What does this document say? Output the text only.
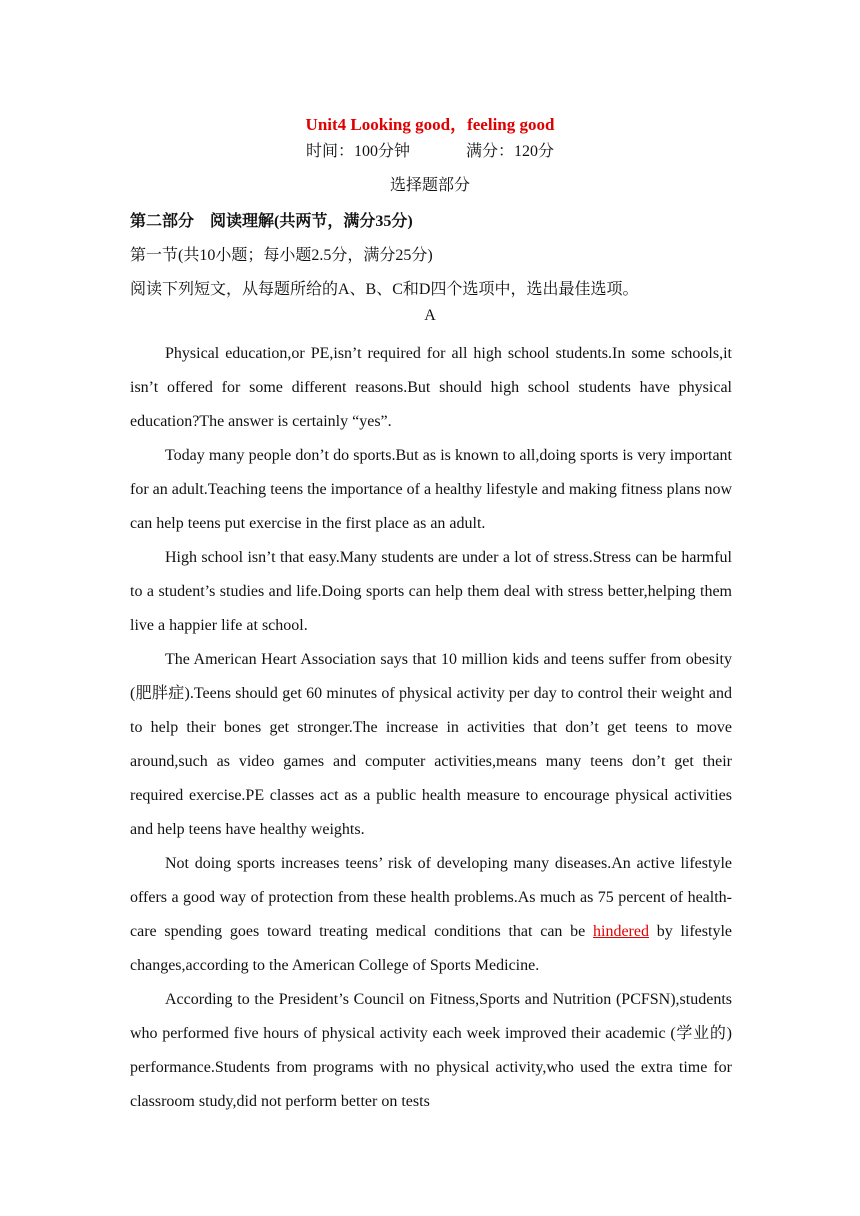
Unit4 Looking good，feeling good
时间：100分钟	满分：120分
选择题部分
第二部分　阅读理解(共两节，满分35分)
第一节(共10小题；每小题2.5分，满分25分)
阅读下列短文，从每题所给的A、B、C和D四个选项中，选出最佳选项。
A

Physical education,or PE,isn’t required for all high school students.In some schools,it isn’t offered for some different reasons.But should high school students have physical education?The answer is certainly “yes”.

Today many people don’t do sports.But as is known to all,doing sports is very important for an adult.Teaching teens the importance of a healthy lifestyle and making fitness plans now can help teens put exercise in the first place as an adult.

High school isn’t that easy.Many students are under a lot of stress.Stress can be harmful to a student’s studies and life.Doing sports can help them deal with stress better,helping them live a happier life at school.

The American Heart Association says that 10 million kids and teens suffer from obesity (肥胖症).Teens should get 60 minutes of physical activity per day to control their weight and to help their bones get stronger.The increase in activities that don’t get teens to move around,such as video games and computer activities,means many teens don’t get their required exercise.PE classes act as a public health measure to encourage physical activities and help teens have healthy weights.

Not doing sports increases teens’ risk of developing many diseases.An active lifestyle offers a good way of protection from these health problems.As much as 75 percent of health-care spending goes toward treating medical conditions that can be hindered by lifestyle changes,according to the American College of Sports Medicine.

According to the President’s Council on Fitness,Sports and Nutrition (PCFSN),students who performed five hours of physical activity each week improved their academic (学业的) performance.Students from programs with no physical activity,who used the extra time for classroom study,did not perform better on tests
